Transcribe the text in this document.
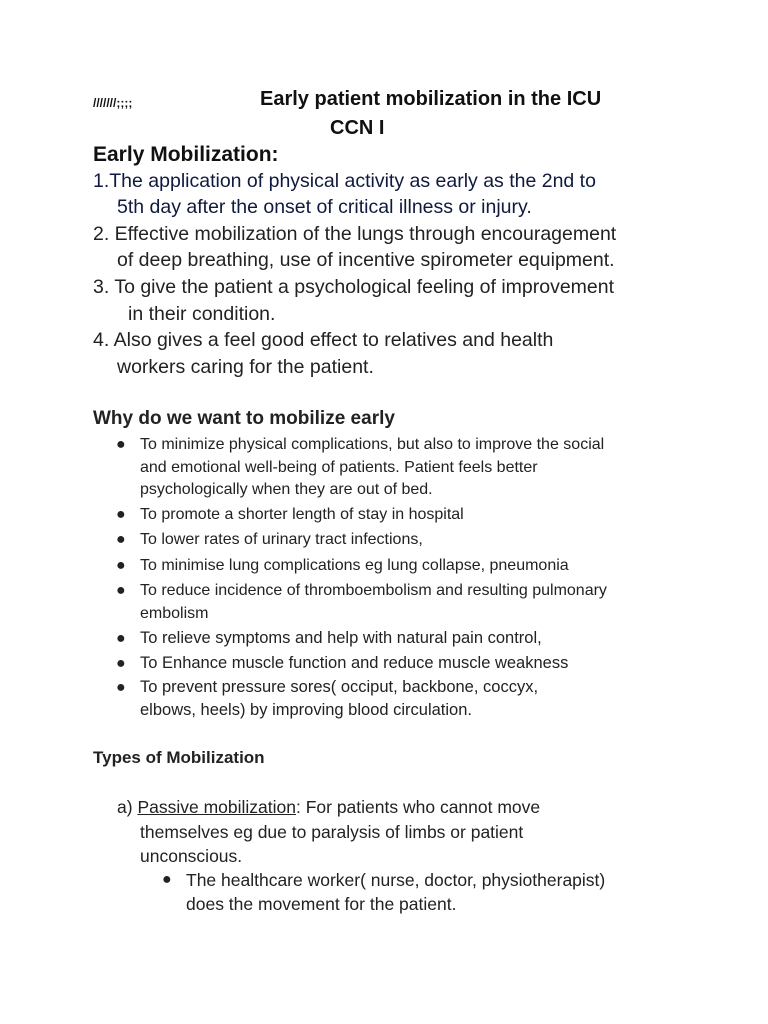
///////;;;;	Early patient mobilization in the ICU
CCN I
Early Mobilization:
1.The application of physical activity as early as the 2nd to
5th day after the onset of critical illness or injury.
2. Effective mobilization of the lungs through encouragement
of deep breathing, use of incentive spirometer equipment.
3. To give the patient a psychological feeling of improvement
in their condition.
4. Also gives a feel good effect to relatives and health
workers caring for the patient.
Why do we want to mobilize early
● To minimize physical complications, but also to improve the social
and emotional well-being of patients. Patient feels better
psychologically when they are out of bed.
● To promote a shorter length of stay in hospital
● To lower rates of urinary tract infections,
● To minimise lung complications eg lung collapse, pneumonia
● To reduce incidence of thromboembolism and resulting pulmonary
embolism
● To relieve symptoms and help with natural pain control,
● To Enhance muscle function and reduce muscle weakness
● To prevent pressure sores( occiput, backbone, coccyx,
elbows, heels) by improving blood circulation.
Types of Mobilization
a) Passive mobilization: For patients who cannot move
themselves eg due to paralysis of limbs or patient
unconscious.
● The healthcare worker( nurse, doctor, physiotherapist)
does the movement for the patient.
